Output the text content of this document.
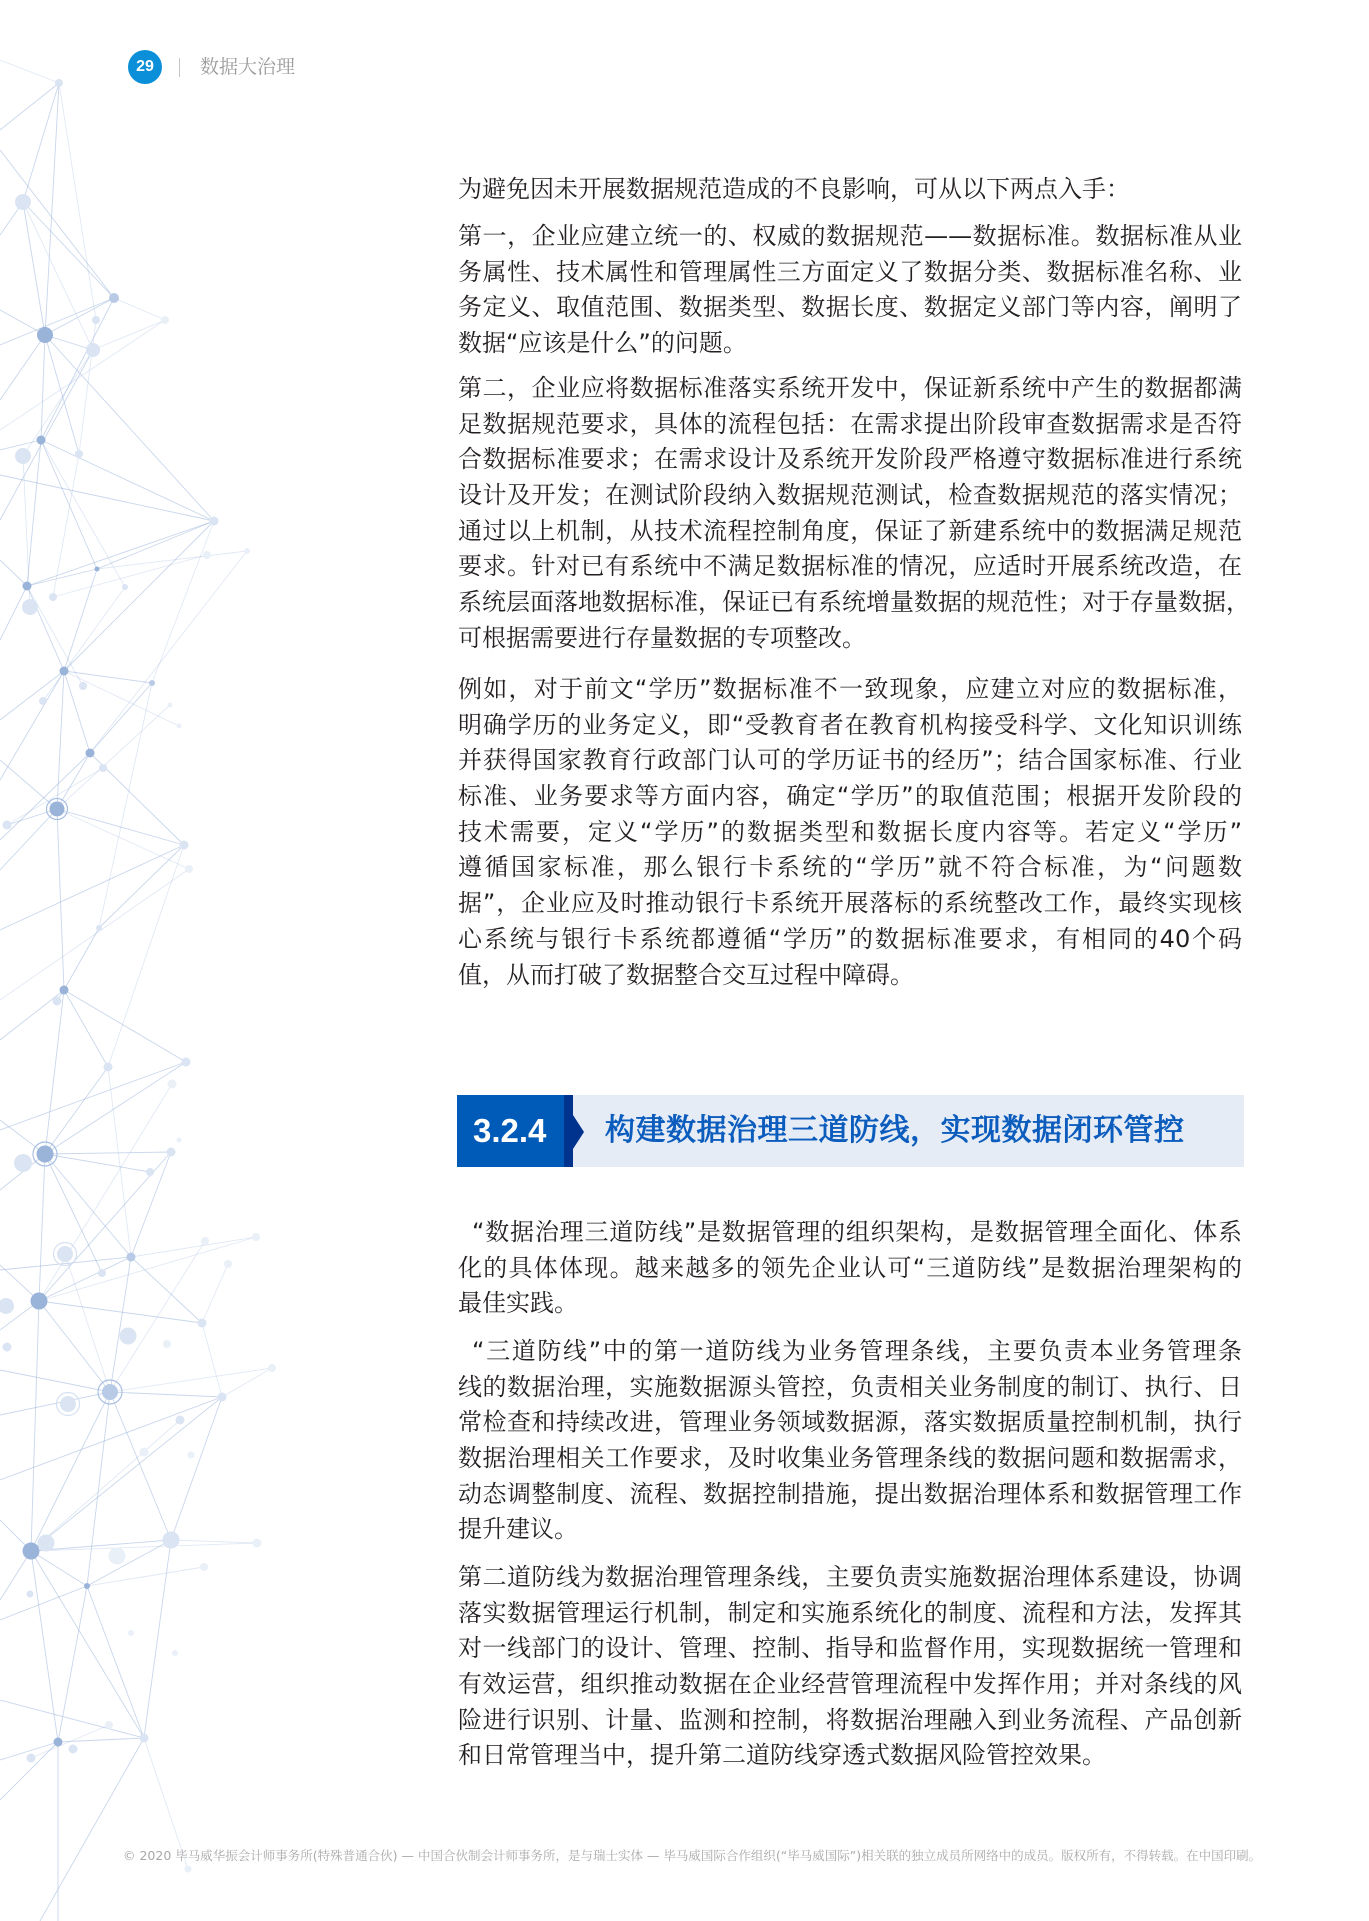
29	数据大治理
为避免因未开展数据规范造成的不良影响，可从以下两点入手：
第一，企业应建立统一的、权威的数据规范——数据标准。数据标准从业
务属性、技术属性和管理属性三方面定义了数据分类、数据标准名称、业
务定义、取值范围、数据类型、数据长度、数据定义部门等内容，阐明了
数据“应该是什么”的问题。
第二，企业应将数据标准落实系统开发中，保证新系统中产生的数据都满
足数据规范要求，具体的流程包括：在需求提出阶段审查数据需求是否符
合数据标准要求；在需求设计及系统开发阶段严格遵守数据标准进行系统
设计及开发；在测试阶段纳入数据规范测试，检查数据规范的落实情况；
通过以上机制，从技术流程控制角度，保证了新建系统中的数据满足规范
要求。针对已有系统中不满足数据标准的情况，应适时开展系统改造，在
系统层面落地数据标准，保证已有系统增量数据的规范性；对于存量数据，
可根据需要进行存量数据的专项整改。
例如，对于前文“学历”数据标准不一致现象，应建立对应的数据标准，
明确学历的业务定义，即“受教育者在教育机构接受科学、文化知识训练
并获得国家教育行政部门认可的学历证书的经历”；结合国家标准、行业
标准、业务要求等方面内容，确定“学历”的取值范围；根据开发阶段的
技术需要，定义“学历”的数据类型和数据长度内容等。若定义“学历”
遵循国家标准，那么银行卡系统的“学历”就不符合标准，为“问题数
据”，企业应及时推动银行卡系统开展落标的系统整改工作，最终实现核
心系统与银行卡系统都遵循“学历”的数据标准要求，有相同的40个码
值，从而打破了数据整合交互过程中障碍。
3.2.4 构建数据治理三道防线，实现数据闭环管控
“数据治理三道防线”是数据管理的组织架构，是数据管理全面化、体系
化的具体体现。越来越多的领先企业认可“三道防线”是数据治理架构的
最佳实践。
“三道防线”中的第一道防线为业务管理条线，主要负责本业务管理条
线的数据治理，实施数据源头管控，负责相关业务制度的制订、执行、日
常检查和持续改进，管理业务领域数据源，落实数据质量控制机制，执行
数据治理相关工作要求，及时收集业务管理条线的数据问题和数据需求，
动态调整制度、流程、数据控制措施，提出数据治理体系和数据管理工作
提升建议。
第二道防线为数据治理管理条线，主要负责实施数据治理体系建设，协调
落实数据管理运行机制，制定和实施系统化的制度、流程和方法，发挥其
对一线部门的设计、管理、控制、指导和监督作用，实现数据统一管理和
有效运营，组织推动数据在企业经营管理流程中发挥作用；并对条线的风
险进行识别、计量、监测和控制，将数据治理融入到业务流程、产品创新
和日常管理当中，提升第二道防线穿透式数据风险管控效果。
© 2020 毕马威华振会计师事务所(特殊普通合伙) — 中国合伙制会计师事务所，是与瑞士实体 — 毕马威国际合作组织(“毕马威国际”)相关联的独立成员所网络中的成员。版权所有，不得转载。在中国印刷。
